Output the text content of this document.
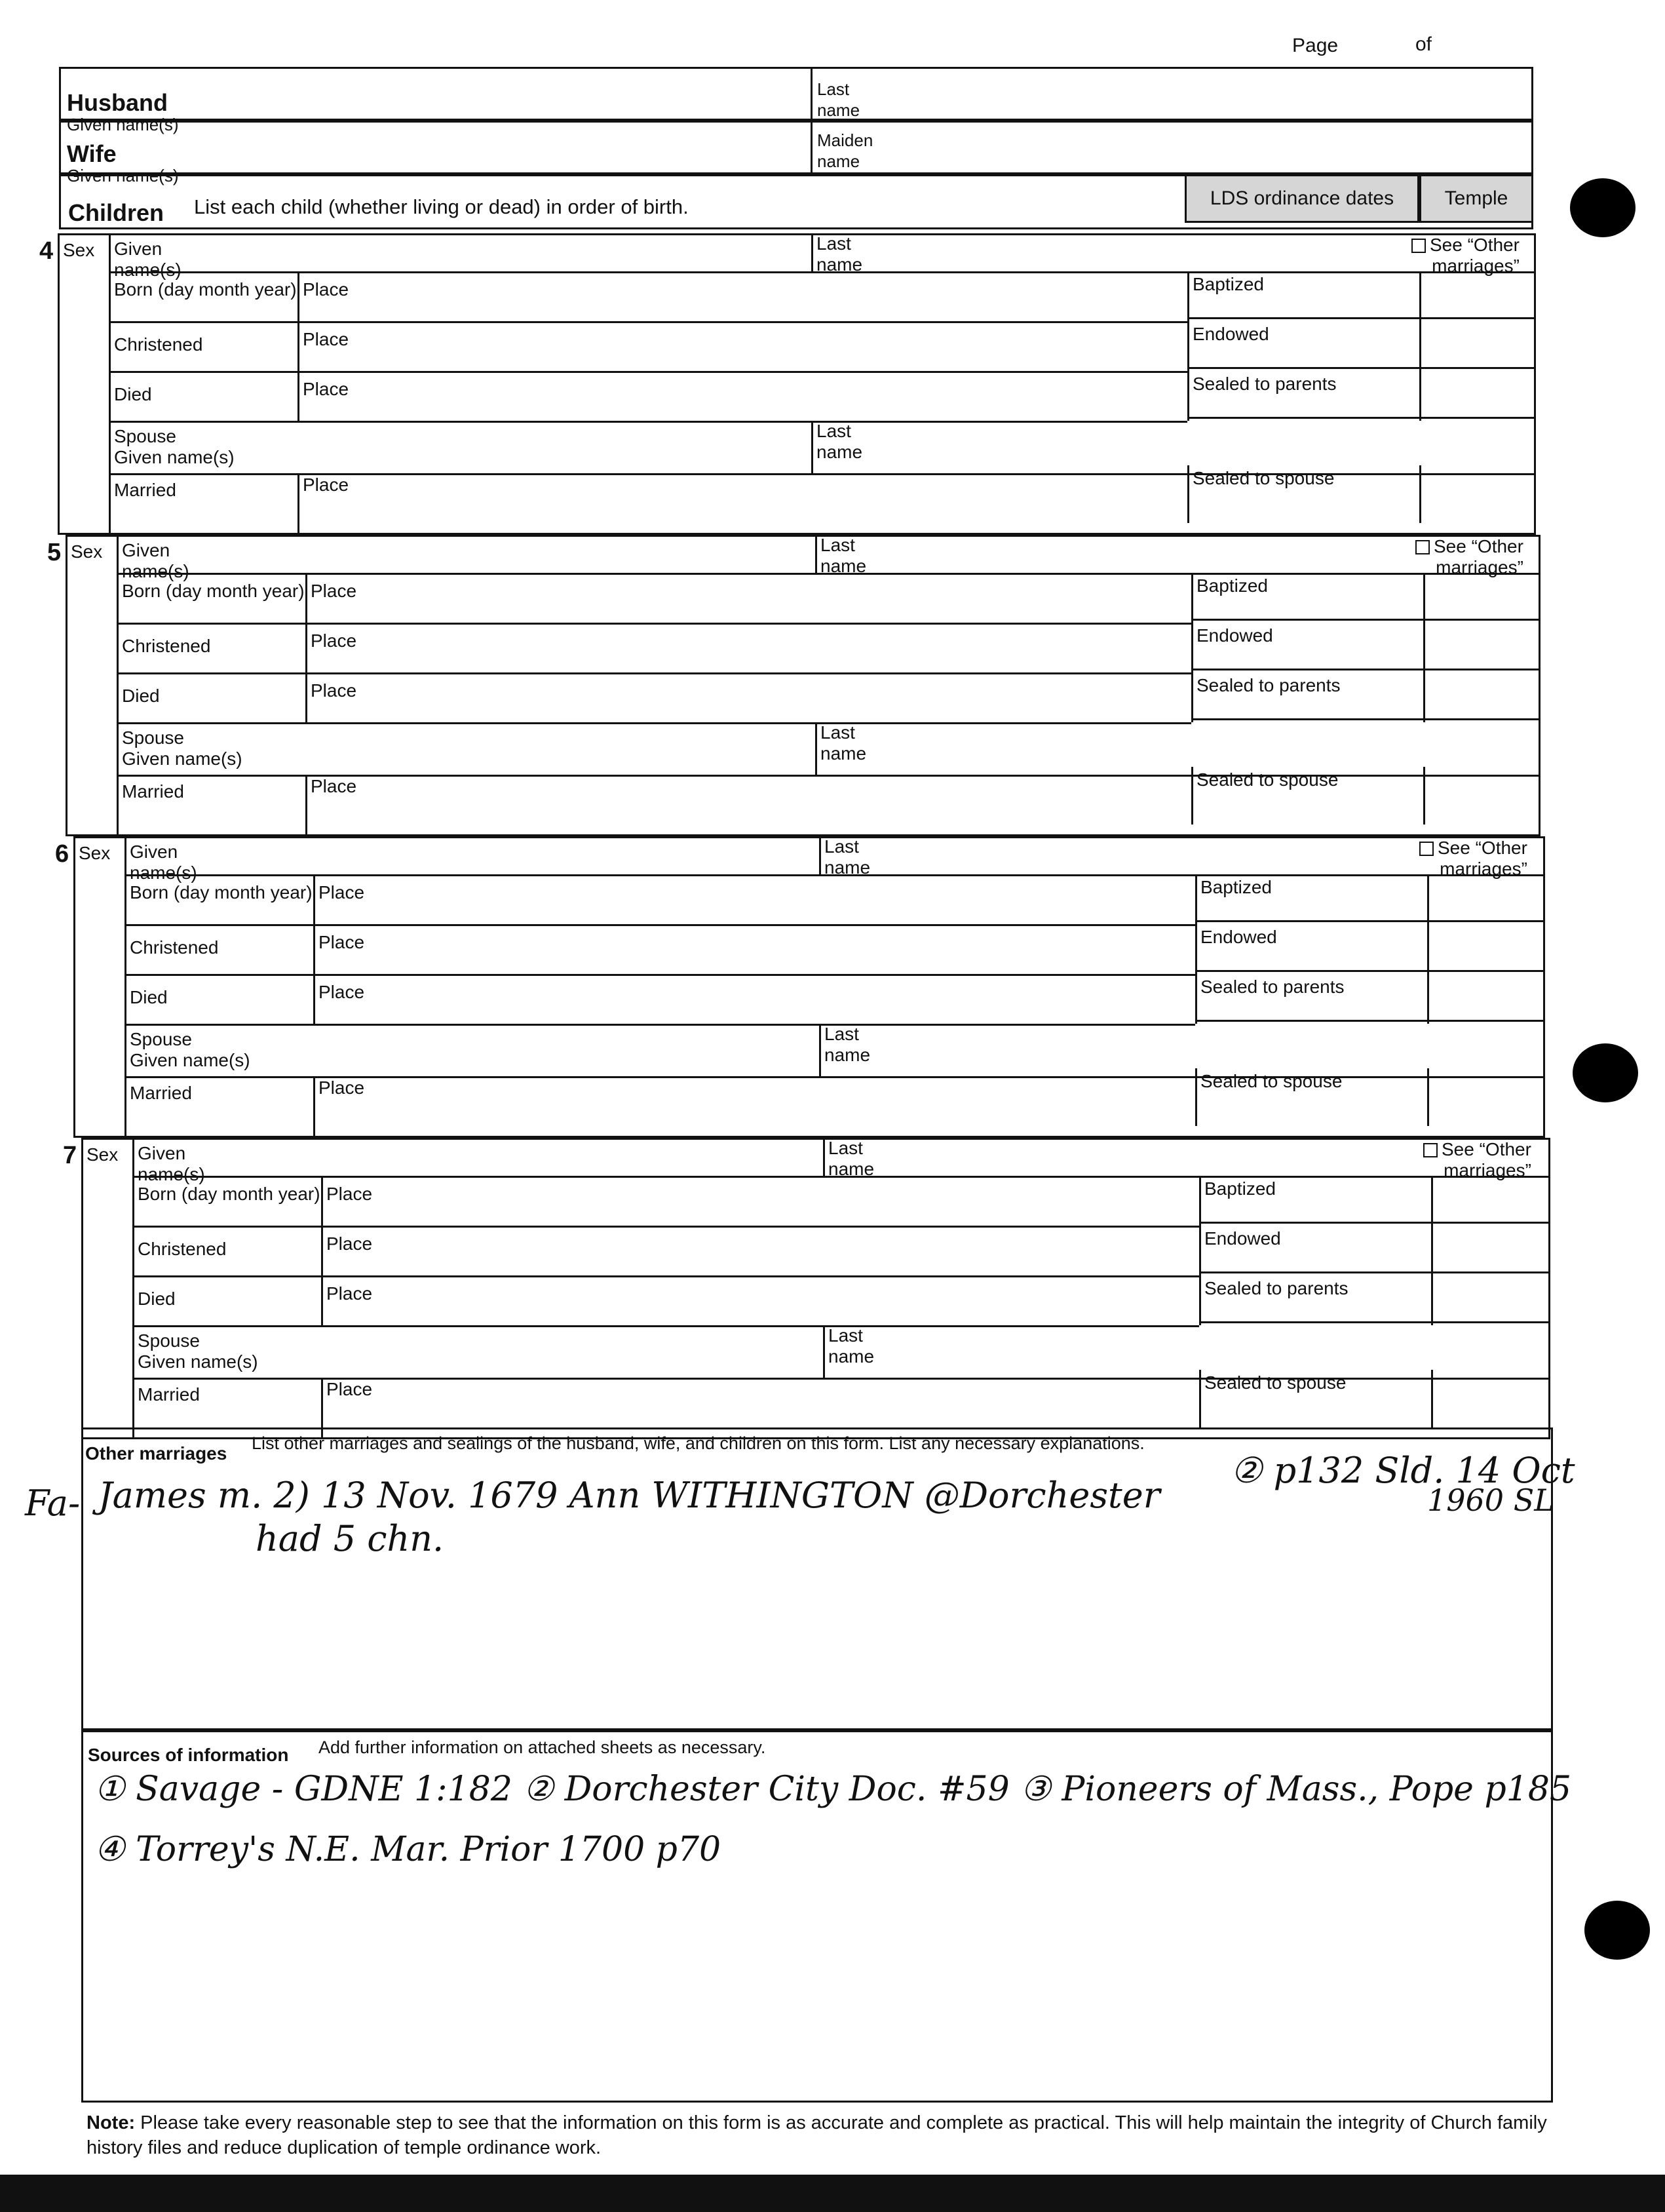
Page	of
Husband
Given name(s)
Last
name
Wife
Given name(s)
Maiden
name
Children List each child (whether living or dead) in order of birth.	LDS ordinance dates	Temple
4 Sex Given
name(s)
Last
name
See “Other
marriages”
Born (day month year) Place	Baptized
Christened	Place	Endowed
Died	Place	Sealed to parents
Spouse
Given name(s)
Last
name
Married	Place	Sealed to spouse
5 Sex Given
name(s)
Last
name
See “Other
marriages”
Born (day month year) Place	Baptized
Christened	Place	Endowed
Died	Place	Sealed to parents
Spouse
Given name(s)
Last
name
Married	Place	Sealed to spouse
6 Sex Given
name(s)
Last
name
See “Other
marriages”
Born (day month year) Place	Baptized
Christened	Place	Endowed
Died	Place	Sealed to parents
Spouse
Given name(s)
Last
name
Married	Place	Sealed to spouse
7 Sex Given
name(s)
Last
name
See “Other
marriages”
Born (day month year) Place	Baptized
Christened	Place	Endowed
Died	Place	Sealed to parents
Spouse
Given name(s)
Last
name
Married	Place	Sealed to spouse
Other marriages List other marriages and sealings of the husband, wife, and children on this form. List any necessary explanations.
Fa- James m. 2) 13 Nov. 1679 Ann WITHINGTON @Dorchester
② p132 Sld. 14 Oct
1960 SL
had 5 chn.
Sources of information Add further information on attached sheets as necessary.
① Savage - GDNE 1:182 ② Dorchester City Doc. #59 ③ Pioneers of Mass., Pope p185
④ Torrey's N.E. Mar. Prior 1700 p70
Note: Please take every reasonable step to see that the information on this form is as accurate and complete as practical. This will help maintain the integrity of Church family history files and reduce duplication of temple ordinance work.
